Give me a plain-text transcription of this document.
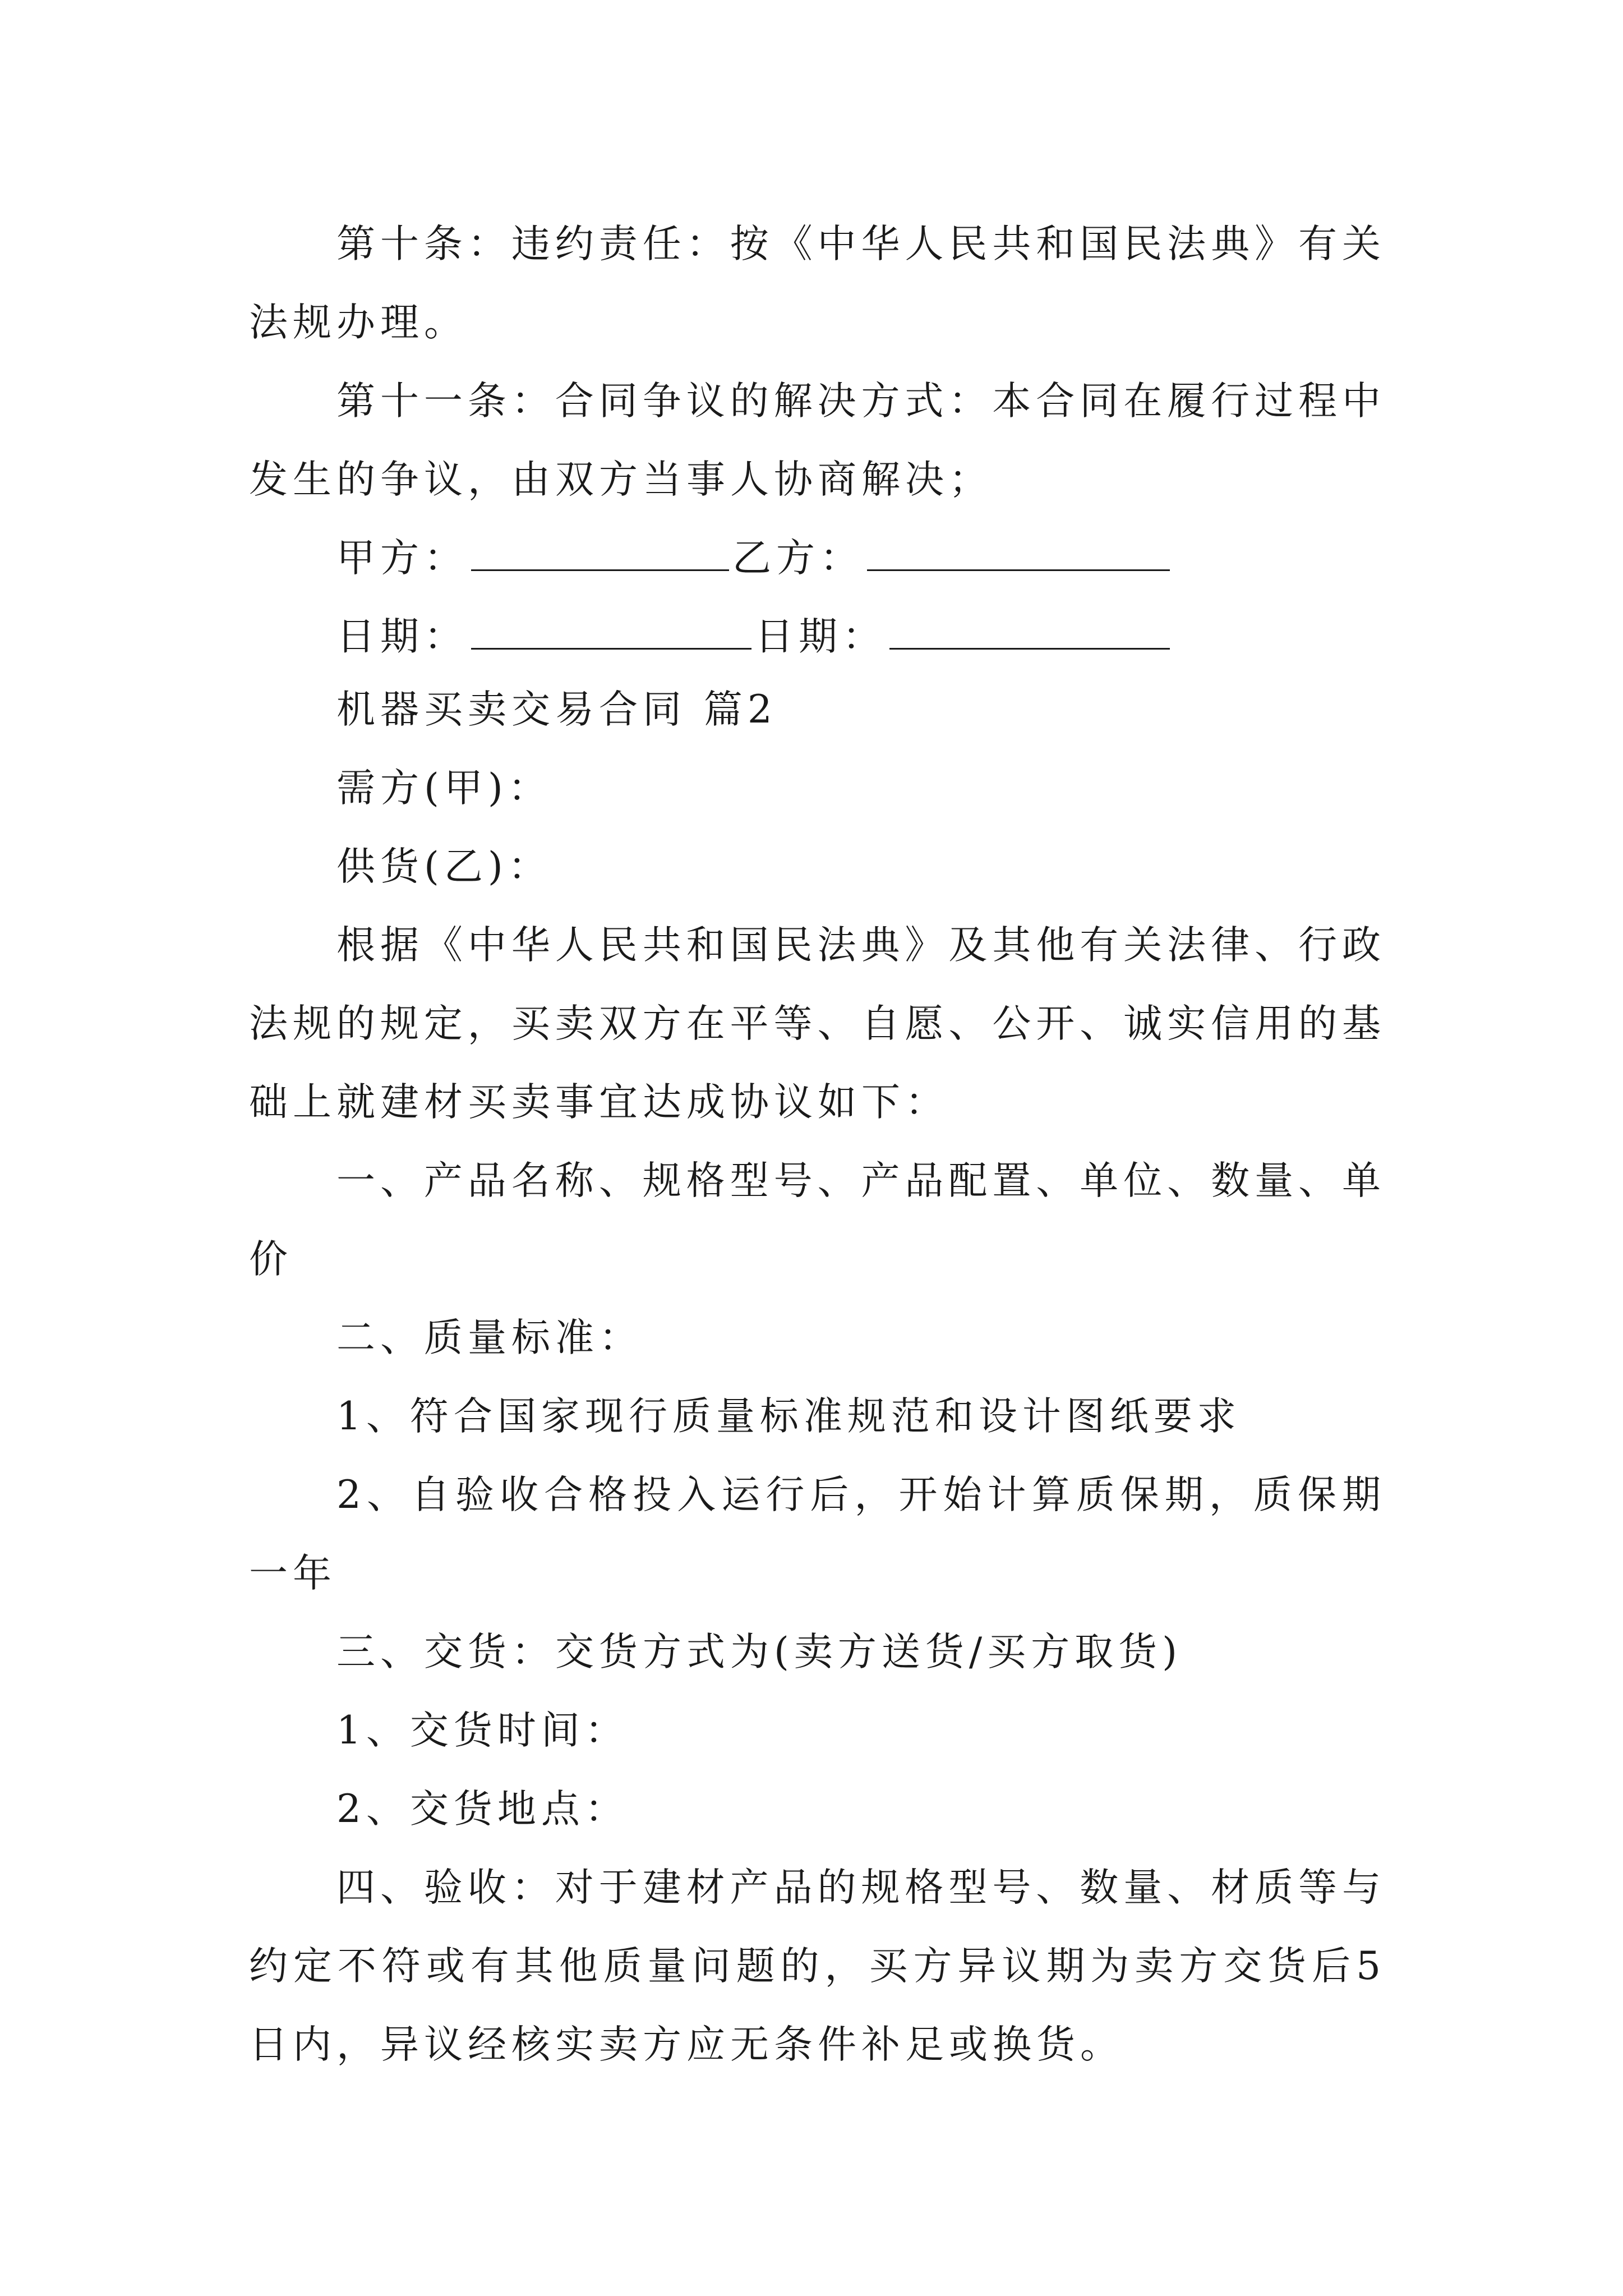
第十条：违约责任：按《中华人民共和国民法典》有关
法规办理。
第十一条：合同争议的解决方式：本合同在履行过程中
发生的争议，由双方当事人协商解决；
甲方：	乙方：
日期：	日期：
机器买卖交易合同 篇2
需方(甲)：
供货(乙)：
根据《中华人民共和国民法典》及其他有关法律、行政
法规的规定，买卖双方在平等、自愿、公开、诚实信用的基
础上就建材买卖事宜达成协议如下：
一、产品名称、规格型号、产品配置、单位、数量、单
价
二、质量标准：
1、符合国家现行质量标准规范和设计图纸要求
2、自验收合格投入运行后，开始计算质保期，质保期
一年
三、交货：交货方式为(卖方送货/买方取货)
1、交货时间：
2、交货地点：
四、验收：对于建材产品的规格型号、数量、材质等与
约定不符或有其他质量问题的，买方异议期为卖方交货后5
日内，异议经核实卖方应无条件补足或换货。
